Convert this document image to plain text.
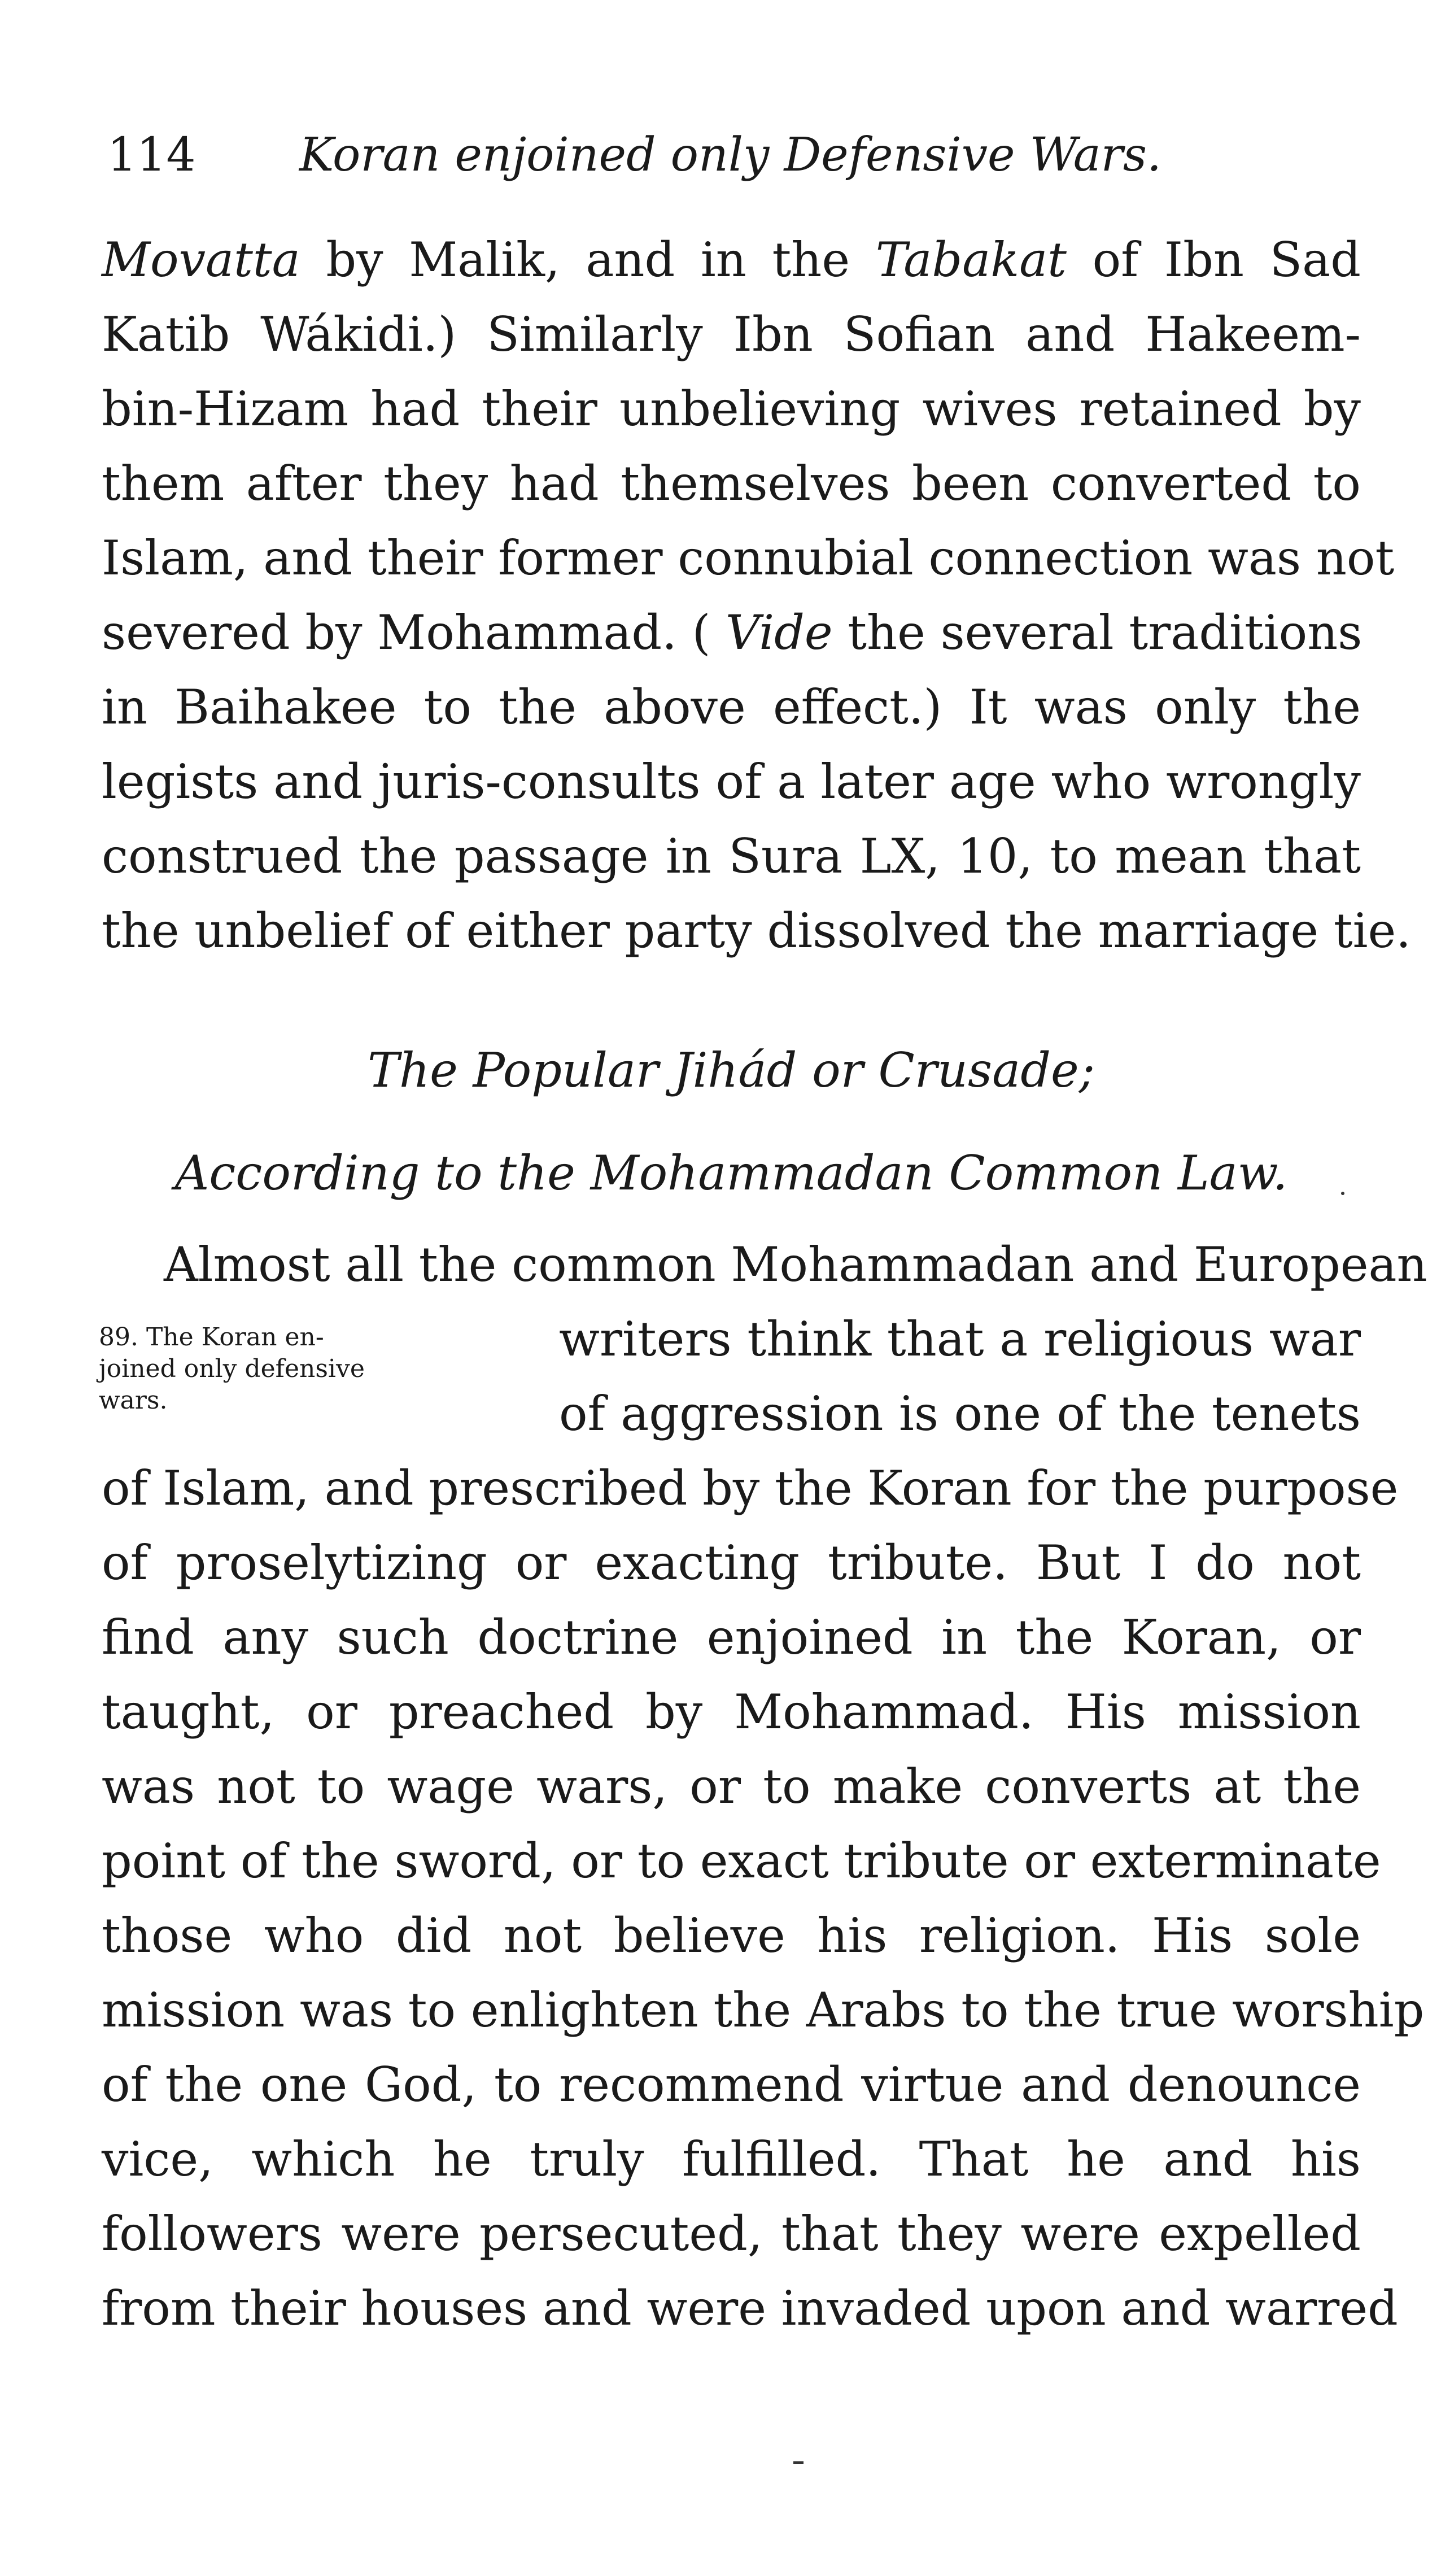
114 Koran enjoined only Defensive Wars.
Movatta by Malik, and in the Tabakat of Ibn Sad
Katib Wákidi.) Similarly Ibn Sofian and Hakeem-
bin-Hizam had their unbelieving wives retained by
them after they had themselves been converted to
Islam, and their former connubial connection was not
severed by Mohammad. ( Vide the several traditions
in Baihakee to the above effect.) It was only the
legists and juris-consults of a later age who wrongly
construed the passage in Sura LX, 10, to mean that
the unbelief of either party dissolved the marriage tie.
The Popular Jihád or Crusade;
According to the Mohammadan Common Law.
Almost all the common Mohammadan and European
89. The Koran en-
joined only defensive
wars.
writers think that a religious war
of aggression is one of the tenets
of Islam, and prescribed by the Koran for the purpose
of proselytizing or exacting tribute. But I do not
find any such doctrine enjoined in the Koran, or
taught, or preached by Mohammad. His mission
was not to wage wars, or to make converts at the
point of the sword, or to exact tribute or exterminate
those who did not believe his religion. His sole
mission was to enlighten the Arabs to the true worship
of the one God, to recommend virtue and denounce
vice, which he truly fulfilled. That he and his
followers were persecuted, that they were expelled
from their houses and were invaded upon and warred
